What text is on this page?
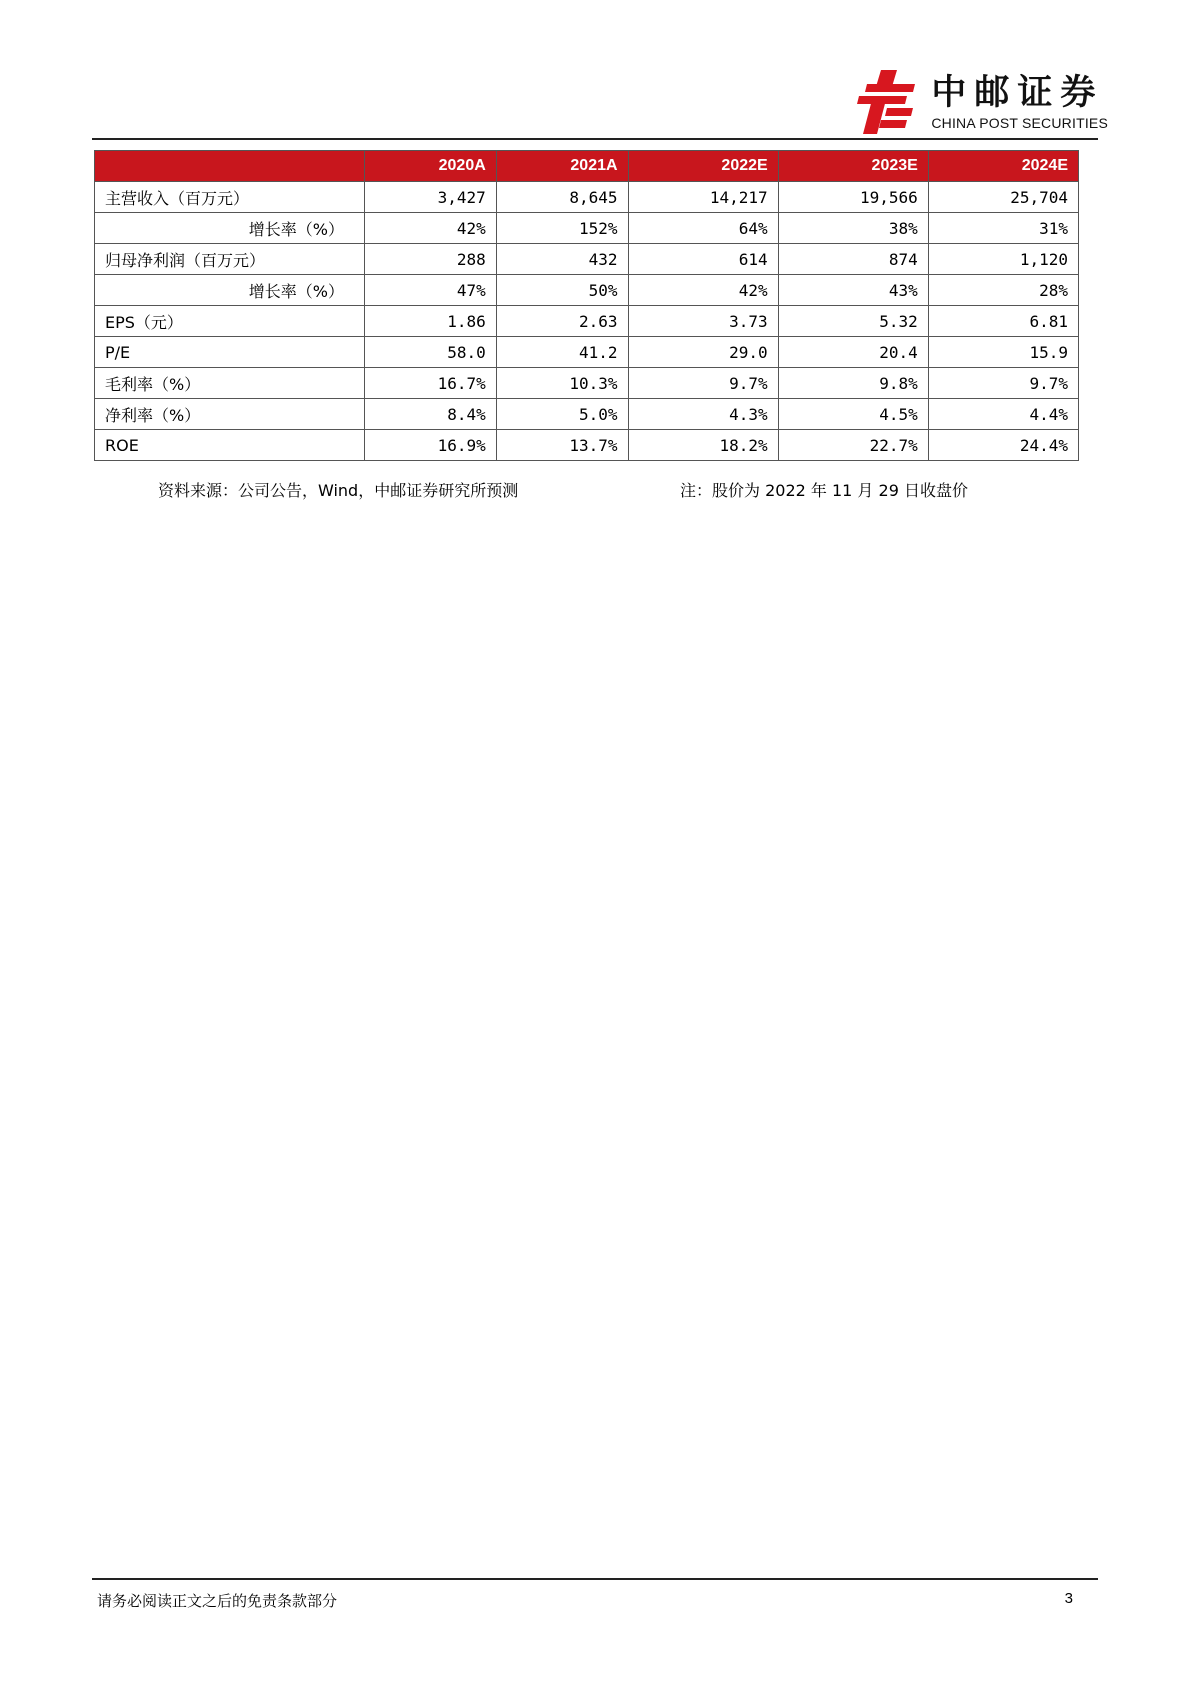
中邮证券
CHINA POST SECURITIES
	2020A	2021A	2022E	2023E	2024E
主营收入（百万元）	3,427	8,645	14,217	19,566	25,704
增长率（%）	42%	152%	64%	38%	31%
归母净利润（百万元）	288	432	614	874	1,120
增长率（%）	47%	50%	42%	43%	28%
EPS（元）	1.86	2.63	3.73	5.32	6.81
P/E	58.0	41.2	29.0	20.4	15.9
毛利率（%）	16.7%	10.3%	9.7%	9.8%	9.7%
净利率（%）	8.4%	5.0%	4.3%	4.5%	4.4%
ROE	16.9%	13.7%	18.2%	22.7%	24.4%
资料来源：公司公告，Wind，中邮证券研究所预测	注：股价为 2022 年 11 月 29 日收盘价
请务必阅读正文之后的免责条款部分	3
